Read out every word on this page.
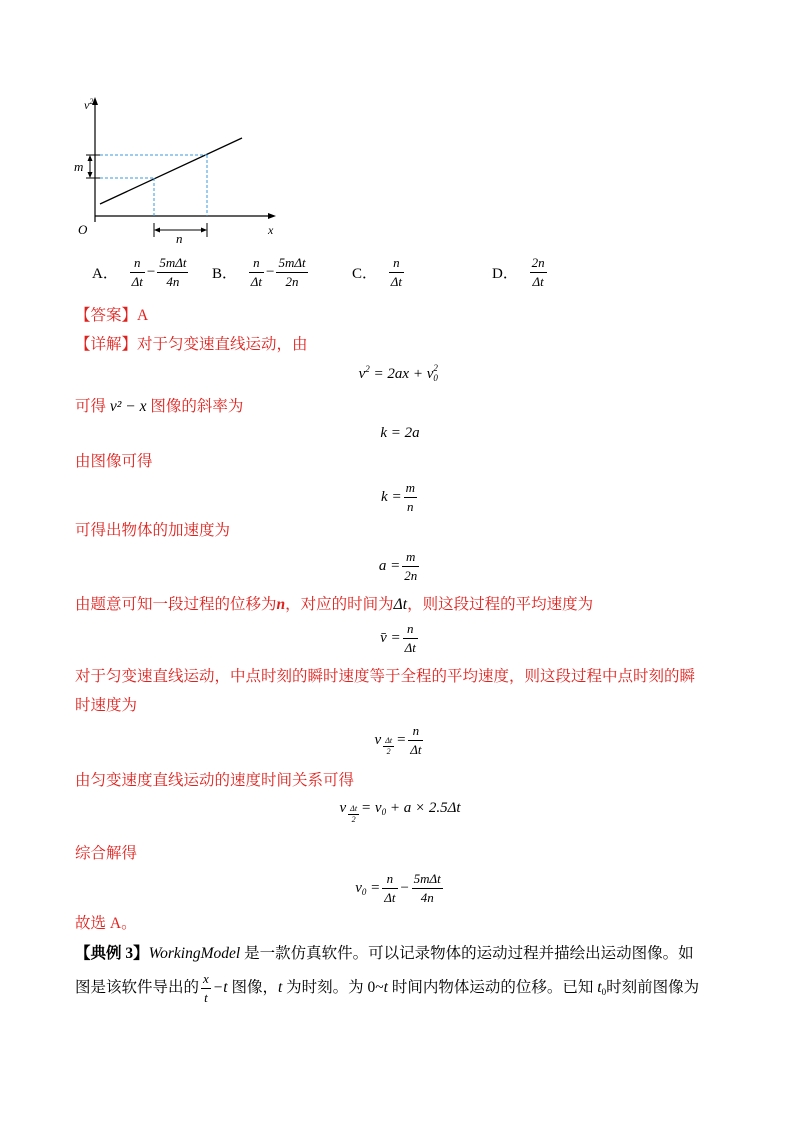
$v^2$
x
O
m
n
A． $\frac{n}{\Delta t} - \frac{\text{5mΔt}}{4n}$ B． $\frac{n}{\Delta t} - \frac{\text{5mΔt}}{2n}$	C． $\frac{n}{\Delta t}$	D． $\frac{2n}{\Delta t}$
【答案】A
【详解】对于匀变速直线运动，由
$v^2 = 2ax + v$ 2
0
可得 v² − x 图像的斜率为
k = 2a
由图像可得
$k = \frac{m}{n}$
可得出物体的加速度为
$a = \frac{m}{2n}$
由题意可知一段过程的位移为n，对应的时间为Δt，则这段过程的平均速度为
v̄ = $\frac{n}{\Delta t}$
对于匀变速直线运动，中点时刻的瞬时速度等于全程的平均速度，则这段过程中点时刻的瞬
时速度为
v $\frac{\Delta t}{2} = \frac{n}{\Delta t}$
由匀变速度直线运动的速度时间关系可得
v $\frac{\Delta t}{2} = v_0 + a \times 2.5\Delta t$
综合解得
$v_0 = \frac{n}{\Delta t} - \frac{\text{5mΔt}}{4n}$
故选 A。
【典例 3】WorkingModel 是一款仿真软件。可以记录物体的运动过程并描绘出运动图像。如
图是该软件导出的 $\frac{x}{t} -t$ 图像，t 为时刻。为 0~t 时间内物体运动的位移。已知 $t_0$时刻前图像为
